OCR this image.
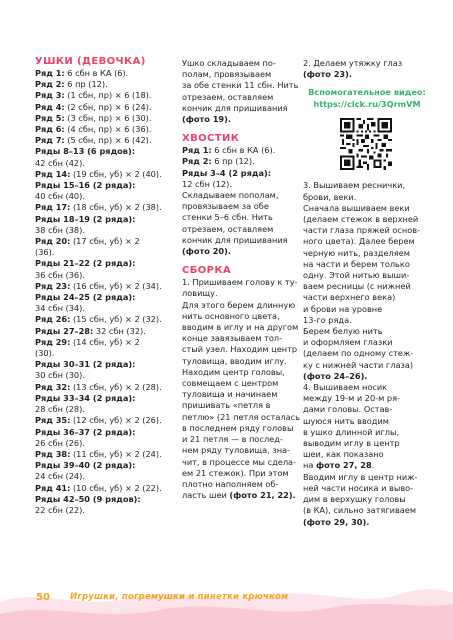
УШКИ (ДЕВОЧКА)

Ряд 1: 6 сбн в КА (6).

Ряд 2: 6 пр (12).

Ряд 3: (1 сбн, пр) × 6 (18).

Ряд 4: (2 сбн, пр) × 6 (24).

Ряд 5: (3 сбн, пр) × 6 (30).

Ряд 6: (4 сбн, пр) × 6 (36).

Ряд 7: (5 сбн, пр) × 6 (42).

Ряды 8–13 (6 рядов):

42 сбн (42).

Ряд 14: (19 сбн, уб) × 2 (40).

Ряды 15–16 (2 ряда):

40 сбн (40).

Ряд 17: (18 сбн, уб) × 2 (38).

Ряды 18–19 (2 ряда):

38 сбн (38).

Ряд 20: (17 сбн, уб) × 2

(36).

Ряды 21–22 (2 ряда):

36 сбн (36).

Ряд 23: (16 сбн, уб) × 2 (34).

Ряды 24–25 (2 ряда):

34 сбн (34).

Ряд 26: (15 сбн, уб) × 2 (32).

Ряды 27–28: 32 сбн (32).

Ряд 29: (14 сбн, уб) × 2

(30).

Ряды 30–31 (2 ряда):

30 сбн (30).

Ряд 32: (13 сбн, уб) × 2 (28).

Ряды 33–34 (2 ряда):

28 сбн (28).

Ряд 35: (12 сбн, уб) × 2 (26).

Ряды 36–37 (2 ряда):

26 сбн (26).

Ряд 38: (11 сбн, уб) × 2 (24).

Ряды 39–40 (2 ряда):

24 сбн (24).

Ряд 41: (10 сбн, уб) × 2 (22).

Ряды 42–50 (9 рядов):

22 сбн (22).

Ушко складываем по-

полам, провязываем

за обе стенки 11 сбн. Нить

отрезаем, оставляем

кончик для пришивания

(фото 19).

ХВОСТИК

Ряд 1: 6 сбн в КА (6).

Ряд 2: 6 пр (12).

Ряды 3–4 (2 ряда):

12 сбн (12).

Складываем пополам,

провязываем за обе

стенки 5–6 сбн. Нить

отрезаем, оставляем

кончик для пришивания

(фото 20).

СБОРКА

1. Пришиваем голову к ту-

ловищу.

Для этого берем длинную

нить основного цвета,

вводим в иглу и на другом

конце завязываем тол-

стый узел. Находим центр

туловища, вводим иглу.

Находим центр головы,

совмещаем с центром

туловища и начинаем

пришивать «петля в

петлю» (21 петля осталась

в последнем ряду головы

и 21 петля — в послед-

нем ряду туловища, зна-

чит, в процессе мы сдела-

ем 21 стежок). При этом

плотно наполняем об-

ласть шеи (фото 21, 22).

2. Делаем утяжку глаз

(фото 23).

Вспомогательное видео:

https://clck.ru/3QrmVM

3. Вышиваем реснички,

брови, веки.

Сначала вышиваем веки

(делаем стежок в верхней

части глаза пряжей основ-

ного цвета). Далее берем

черную нить, разделяем

на части и берем только

одну. Этой нитью выши-

ваем ресницы (с нижней

части верхнего века)

и брови на уровне

13-го ряда.

Берем белую нить

и оформляем глазки

(делаем по одному стеж-

ку с нижней части глаза)

(фото 24–26).

4. Вышиваем носик

между 19-м и 20-м ря-

дами головы. Остав-

шуюся нить вводим

в ушко длинной иглы,

выводим иглу в центр

шеи, как показано

на фото 27, 28.

Вводим иглу в центр ниж-

ней части носика и выво-

дим в верхушку головы

(в КА), сильно затягиваем

(фото 29, 30).

50 Игрушки, погремушки и пинетки крючком
